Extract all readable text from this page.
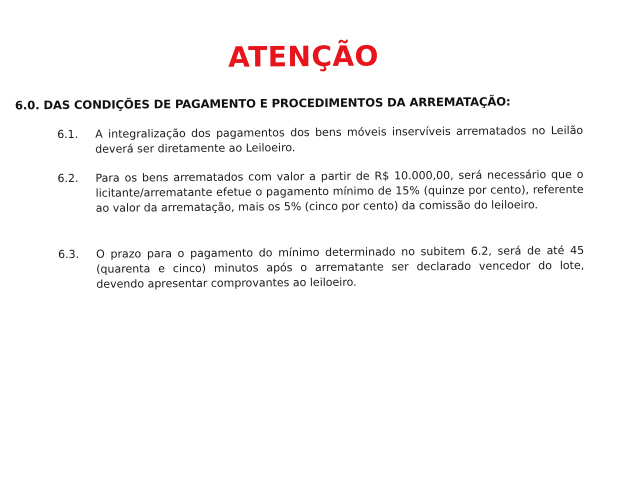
ATENÇÃO
6.0. DAS CONDIÇÕES DE PAGAMENTO E PROCEDIMENTOS DA ARREMATAÇÃO:
6.1.	A integralização dos pagamentos dos bens móveis inservíveis arrematados no Leilão deverá ser diretamente ao Leiloeiro.
6.2.	Para os bens arrematados com valor a partir de R$ 10.000,00, será necessário que o licitante/arrematante efetue o pagamento mínimo de 15% (quinze por cento), referente ao valor da arrematação, mais os 5% (cinco por cento) da comissão do leiloeiro.
6.3.	O prazo para o pagamento do mínimo determinado no subitem 6.2, será de até 45 (quarenta e cinco) minutos após o arrematante ser declarado vencedor do lote, devendo apresentar comprovantes ao leiloeiro.
